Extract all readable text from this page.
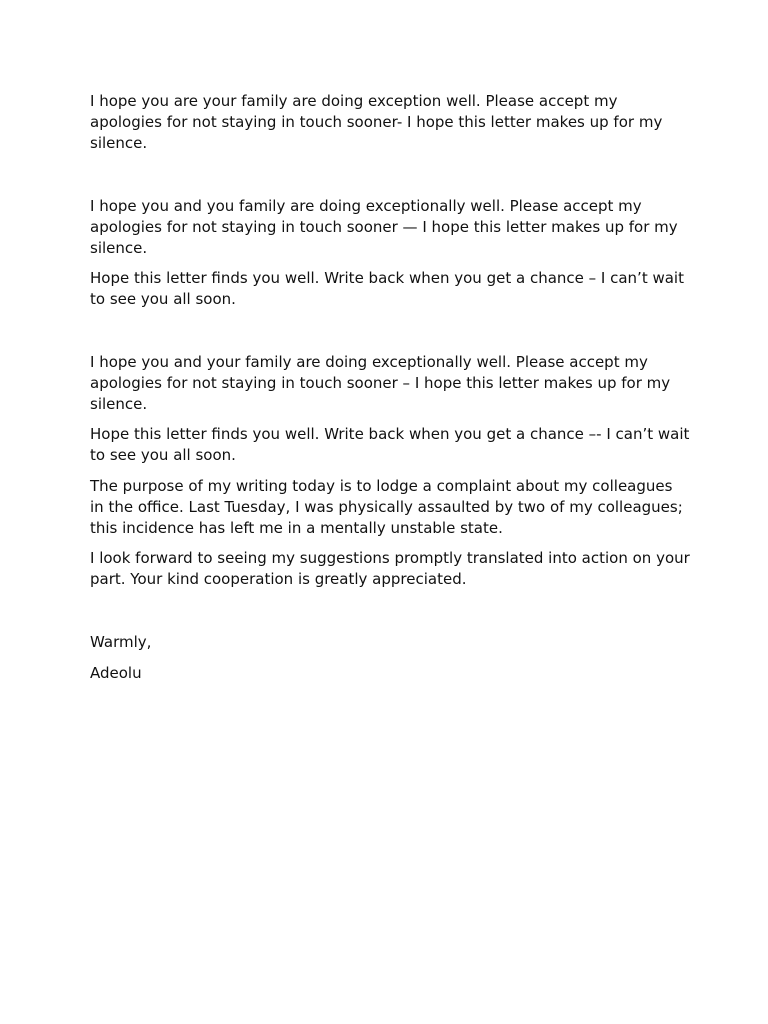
I hope you are your family are doing exception well. Please accept my apologies for not staying in touch sooner- I hope this letter makes up for my silence.

I hope you and you family are doing exceptionally well. Please accept my apologies for not staying in touch sooner — I hope this letter makes up for my silence.

Hope this letter finds you well. Write back when you get a chance – I can’t wait to see you all soon.

I hope you and your family are doing exceptionally well. Please accept my apologies for not staying in touch sooner – I hope this letter makes up for my silence.

Hope this letter finds you well. Write back when you get a chance –- I can’t wait to see you all soon.

The purpose of my writing today is to lodge a complaint about my colleagues in the office. Last Tuesday, I was physically assaulted by two of my colleagues; this incidence has left me in a mentally unstable state.

I look forward to seeing my suggestions promptly translated into action on your part. Your kind cooperation is greatly appreciated.

Warmly,

Adeolu
